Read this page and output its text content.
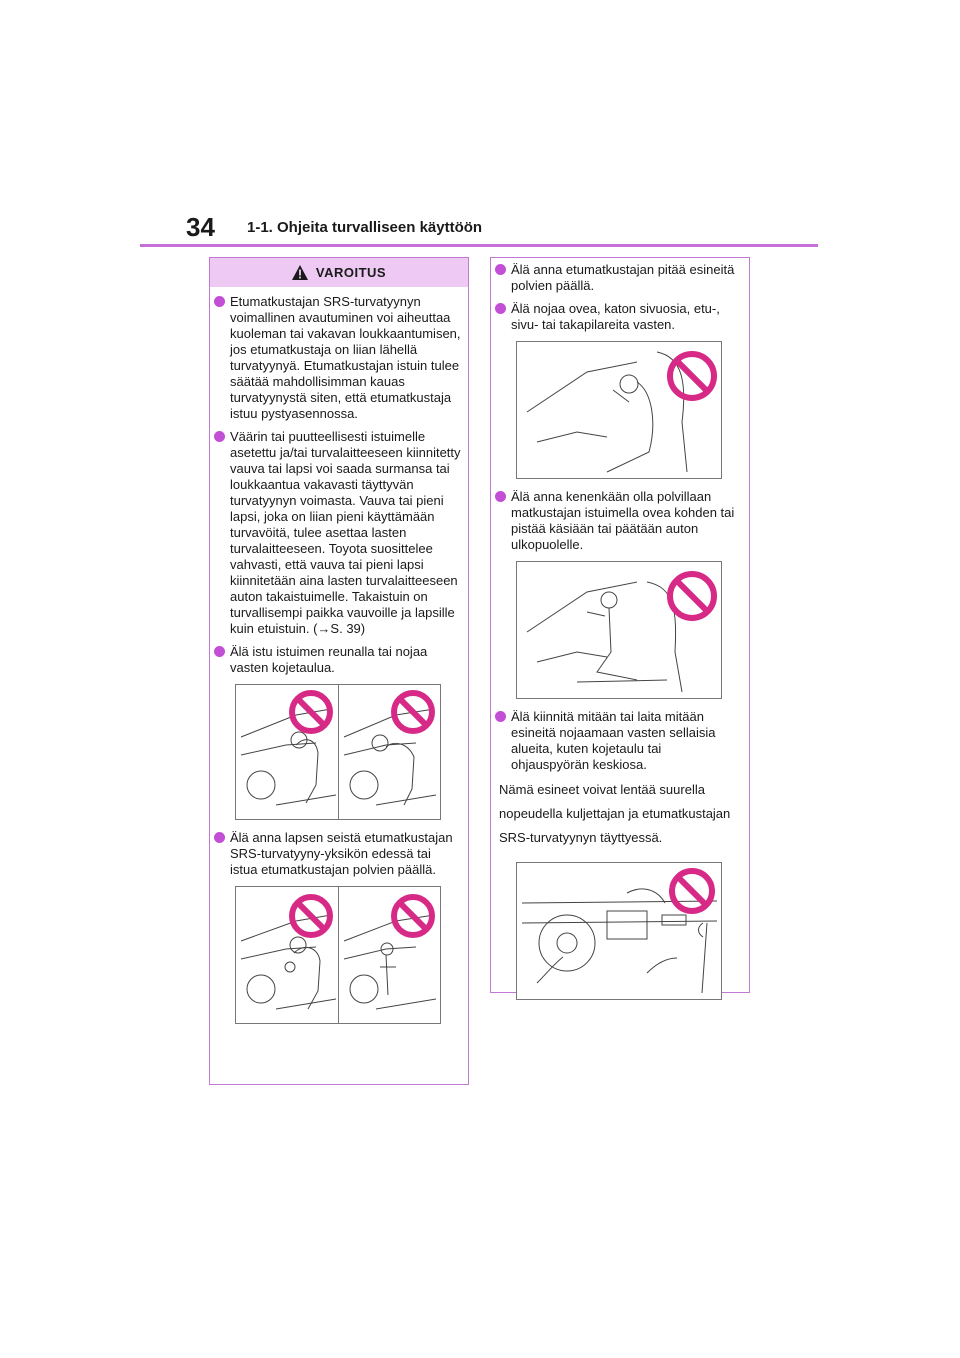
34 1-1. Ohjeita turvalliseen käyttöön
VAROITUS
Etumatkustajan SRS-turvatyynyn voimallinen avautuminen voi aiheuttaa kuoleman tai vakavan loukkaantumisen, jos etumatkustaja on liian lähellä turvatyynyä. Etumatkustajan istuin tulee säätää mahdollisimman kauas turvatyynystä siten, että etumatkustaja istuu pystyasennossa.
Väärin tai puutteellisesti istuimelle asetettu ja/tai turvalaitteeseen kiinnitetty vauva tai lapsi voi saada surmansa tai loukkaantua vakavasti täyttyvän turvatyynyn voimasta. Vauva tai pieni lapsi, joka on liian pieni käyttämään turvavöitä, tulee asettaa lasten turvalaitteeseen. Toyota suosittelee vahvasti, että vauva tai pieni lapsi kiinnitetään aina lasten turvalaitteeseen auton takaistuimelle. Takaistuin on turvallisempi paikka vauvoille ja lapsille kuin etuistuin. (→S. 39)
Älä istu istuimen reunalla tai nojaa vasten kojetaulua.
Älä anna lapsen seistä etumatkustajan SRS-turvatyyny-yksikön edessä tai istua etumatkustajan polvien päällä.
Älä anna etumatkustajan pitää esineitä polvien päällä.
Älä nojaa ovea, katon sivuosia, etu-, sivu- tai takapilareita vasten.
Älä anna kenenkään olla polvillaan matkustajan istuimella ovea kohden tai pistää käsiään tai päätään auton ulkopuolelle.
Älä kiinnitä mitään tai laita mitään esineitä nojaamaan vasten sellaisia alueita, kuten kojetaulu tai ohjauspyörän keskiosa.
Nämä esineet voivat lentää suurella nopeudella kuljettajan ja etumatkustajan SRS-turvatyynyn täyttyessä.
